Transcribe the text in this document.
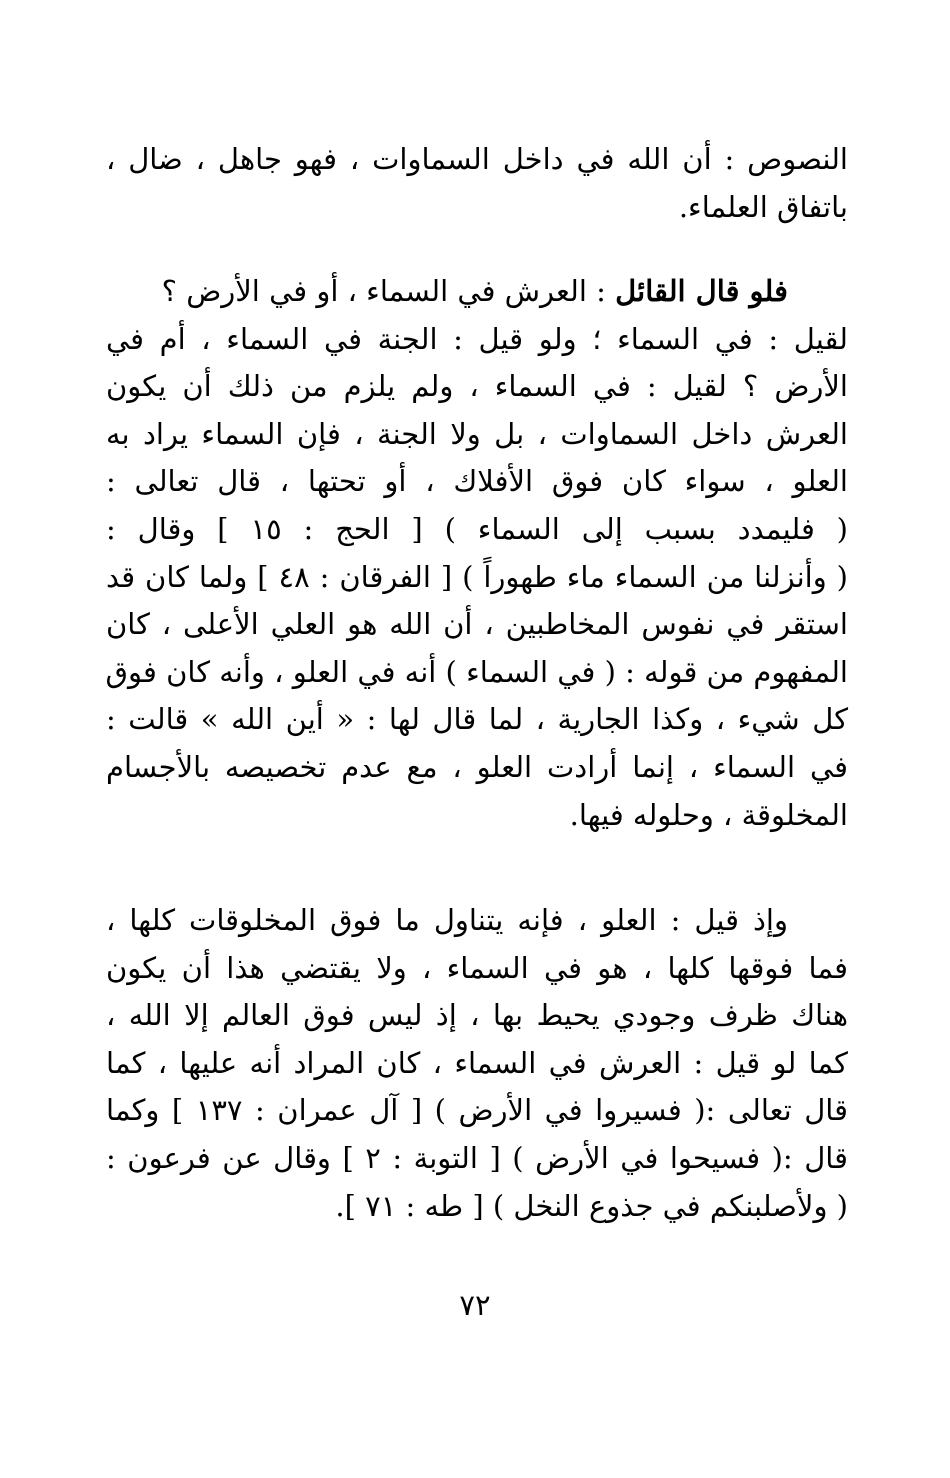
النصوص : أن الله في داخل السماوات ، فهو جاهل ، ضال ،
باتفاق العلماء.
فلو قال القائل : العرش في السماء ، أو في الأرض ؟
لقيل : في السماء ؛ ولو قيل : الجنة في السماء ، أم في
الأرض ؟ لقيل : في السماء ، ولم يلزم من ذلك أن يكون
العرش داخل السماوات ، بل ولا الجنة ، فإن السماء يراد به
العلو ، سواء كان فوق الأفلاك ، أو تحتها ، قال تعالى :
( فليمدد بسبب إلى السماء ) [ الحج : ١٥ ] وقال :
( وأنزلنا من السماء ماء طهوراً ) [ الفرقان : ٤٨ ] ولما كان قد
استقر في نفوس المخاطبين ، أن الله هو العلي الأعلى ، كان
المفهوم من قوله : ( في السماء ) أنه في العلو ، وأنه كان فوق
كل شيء ، وكذا الجارية ، لما قال لها : « أين الله » قالت :
في السماء ، إنما أرادت العلو ، مع عدم تخصيصه بالأجسام
المخلوقة ، وحلوله فيها.
وإذ قيل : العلو ، فإنه يتناول ما فوق المخلوقات كلها ،
فما فوقها كلها ، هو في السماء ، ولا يقتضي هذا أن يكون
هناك ظرف وجودي يحيط بها ، إذ ليس فوق العالم إلا الله ،
كما لو قيل : العرش في السماء ، كان المراد أنه عليها ، كما
قال تعالى :( فسيروا في الأرض ) [ آل عمران : ١٣٧ ] وكما
قال :( فسيحوا في الأرض ) [ التوبة : ٢ ] وقال عن فرعون :
( ولأصلبنكم في جذوع النخل ) [ طه : ٧١ ].
٧٢
